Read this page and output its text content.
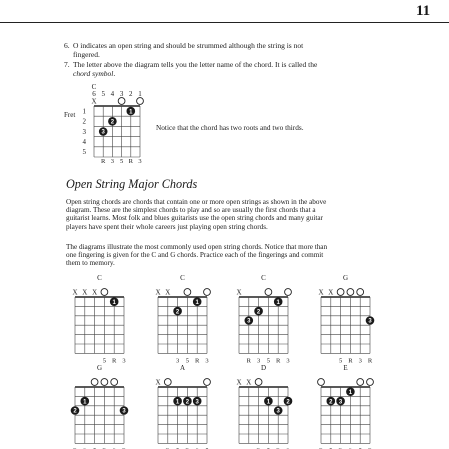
11
6. O indicates an open string and should be strummed although the string is not fingered.
7. The letter above the diagram tells you the letter name of the chord. It is called the chord symbol.
Notice that the chord has two roots and two thirds.
Open String Major Chords
Open string chords are chords that contain one or more open strings as shown in the above diagram. These are the simplest chords to play and so are usually the first chords that a guitarist learns. Most folk and blues guitarists use the open string chords and many guitar players have spent their whole careers just playing open string chords.
The diagrams illustrate the most commonly used open string chords. Notice that more than one fingering is given for the C and G chords. Practice each of the fingerings and commit them to memory.
C
6 5 4 3 2 1
Fret 1
2
3
4
5
X
3
2
1
R 3 5 R 3
C
X X X
1
5 R 3
C
X X
2
1
3 5 R 3
C
X
3
2
1
R 3 5 R 3
G
X X
3
5 R 3 R
G
2
1
3
A
X
1 2 3
D
X X
1
3
2
E
2 3
1
